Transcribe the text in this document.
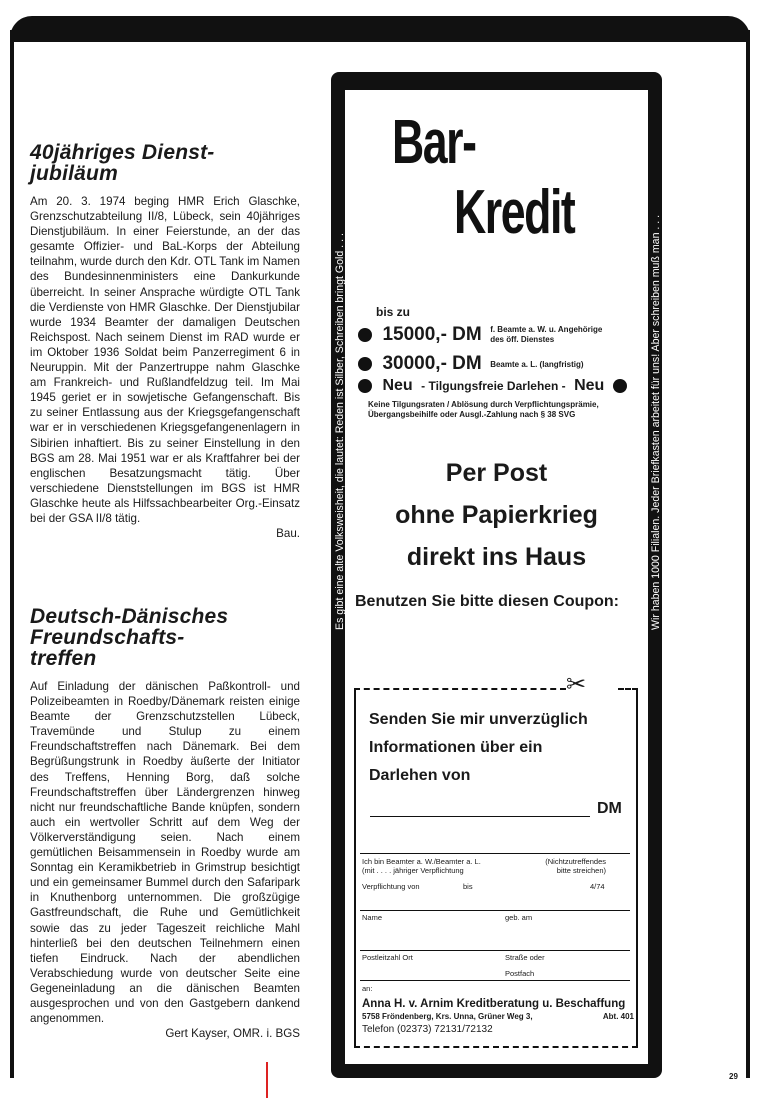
40jähriges Dienst-
jubiläum

Am 20. 3. 1974 beging HMR Erich Glaschke, Grenzschutzabteilung II/8, Lübeck, sein 40jähriges Dienstjubiläum. In einer Feierstunde, an der das gesamte Offizier- und BaL-Korps der Abteilung teilnahm, wurde durch den Kdr. OTL Tank im Namen des Bundesinnenministers eine Dankurkunde überreicht. In seiner Ansprache würdigte OTL Tank die Verdienste von HMR Glaschke. Der Dienstjubilar wurde 1934 Beamter der damaligen Deutschen Reichspost. Nach seinem Dienst im RAD wurde er im Oktober 1936 Soldat beim Panzerregiment 6 in Neuruppin. Mit der Panzertruppe nahm Glaschke am Frankreich- und Rußlandfeldzug teil. Im Mai 1945 geriet er in sowjetische Gefangenschaft. Bis zu seiner Entlassung aus der Kriegsgefangenschaft war er in verschiedenen Kriegsgefangenenlagern in Sibirien inhaftiert. Bis zu seiner Einstellung in den BGS am 28. Mai 1951 war er als Kraftfahrer bei der englischen Besatzungsmacht tätig. Über verschiedene Dienststellungen im BGS ist HMR Glaschke heute als Hilfssachbearbeiter Org.-Einsatz bei der GSA II/8 tätig.

Bau.
Deutsch-Dänisches
Freundschafts-
treffen

Auf Einladung der dänischen Paßkontroll- und Polizeibeamten in Roedby/Dänemark reisten einige Beamte der Grenzschutzstellen Lübeck, Travemünde und Stulup zu einem Freundschaftstreffen nach Dänemark. Bei dem Begrüßungstrunk in Roedby äußerte der Initiator des Treffens, Henning Borg, daß solche Freundschaftstreffen über Ländergrenzen hinweg nicht nur freundschaftliche Bande knüpfen, sondern auch ein wertvoller Schritt auf dem Weg der Völkerverständigung seien. Nach einem gemütlichen Beisammensein in Roedby wurde am Sonntag ein Keramikbetrieb in Grimstrup besichtigt und ein gemeinsamer Bummel durch den Safaripark in Knuthenborg unternommen. Die großzügige Gastfreundschaft, die Ruhe und Gemütlichkeit sowie das zu jeder Tageszeit reichliche Mahl hinterließ bei den deutschen Teilnehmern einen tiefen Eindruck. Nach der abendlichen Verabschiedung wurde von deutscher Seite eine Gegeneinladung an die dänischen Beamten ausgesprochen und von den Gastgebern dankend angenommen.

Gert Kayser, OMR. i. BGS
Es gibt eine alte Volksweisheit, die lautet: Reden ist Silber, Schreiben bringt Gold . . .	Wir haben 1000 Filialen. Jeder Briefkasten arbeitet für uns! Aber schreiben muß man . . .
Bar-
Kredit
bis zu
15000,- DM f. Beamte a. W. u. Angehörige
des öff. Dienstes
30000,- DM Beamte a. L. (langfristig)
Neu - Tilgungsfreie Darlehen - Neu
Keine Tilgungsraten / Ablösung durch Verpflichtungsprämie,
Übergangsbeihilfe oder Ausgl.-Zahlung nach § 38 SVG
Per Post
ohne Papierkrieg
direkt ins Haus
Benutzen Sie bitte diesen Coupon:
✂
Senden Sie mir unverzüglich
Informationen über ein
Darlehen von
DM
Ich bin Beamter a. W./Beamter a. L.
(mit . . . . jähriger Verpflichtung
(Nichtzutreffendes
bitte streichen)
Verpflichtung von	bis	4/74
Name	geb. am
Postleitzahl Ort	Straße oder
Postfach
an:
Anna H. v. Arnim Kreditberatung u. Beschaffung
5758 Fröndenberg, Krs. Unna, Grüner Weg 3,	Abt. 401
Telefon (02373) 72131/72132
29
